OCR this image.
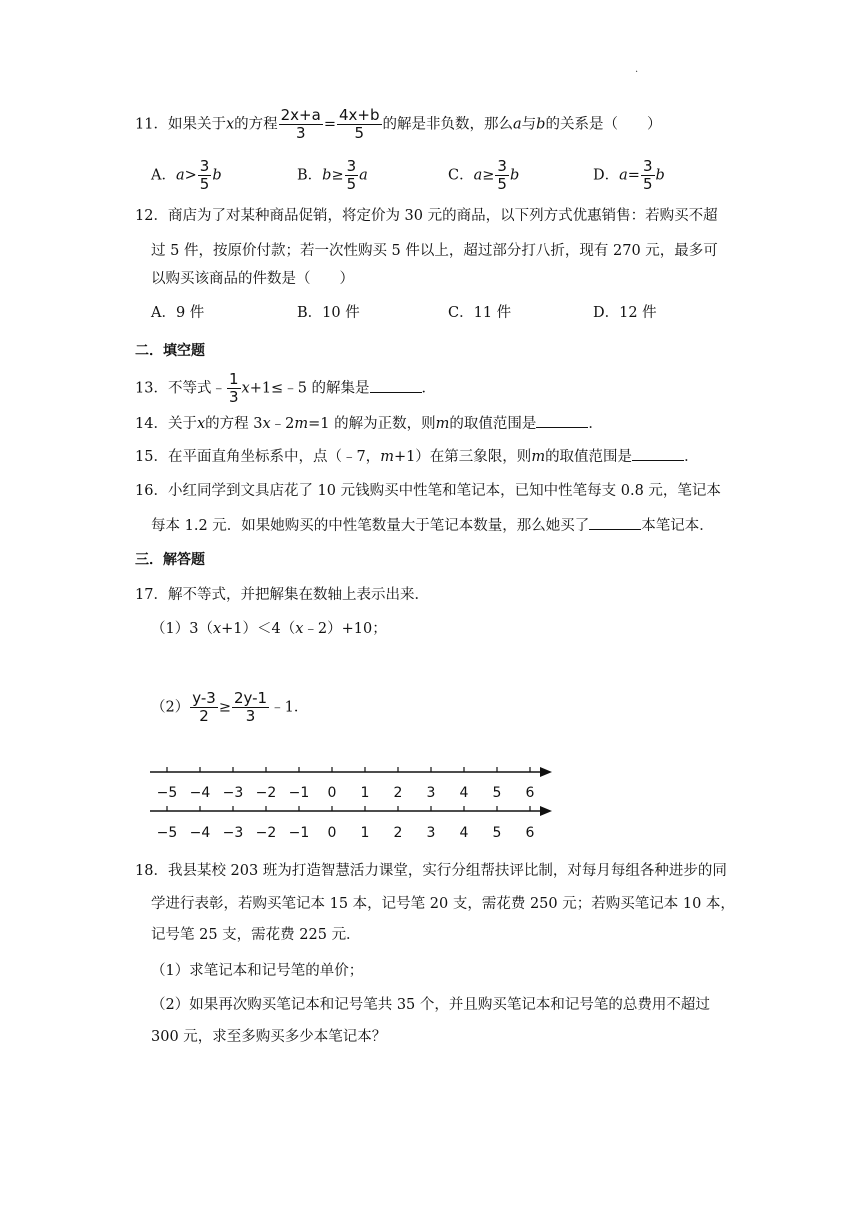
.
11．如果关于x的方程 $\frac{2x+a}{3} = \frac{4x+b}{5}$ 的解是非负数，那么a与b的关系是（　　）
A．$a> \frac{3}{5}$ b	B．$b\ge \frac{3}{5}$ a	C．$a\ge \frac{3}{5}$ b	D．$a= \frac{3}{5}$ b
12．商店为了对某种商品促销，将定价为 30 元的商品，以下列方式优惠销售：若购买不超
过 5 件，按原价付款；若一次性购买 5 件以上，超过部分打八折，现有 270 元，最多可
以购买该商品的件数是（　　）
A．9 件	B．10 件	C．11 件	D．12 件
二．填空题
13．不等式﹣ $\frac{1}{3}$ x+1≤﹣5 的解集是	．
14．关于x的方程 3x﹣2m=1 的解为正数，则m的取值范围是	．
15．在平面直角坐标系中，点（﹣7，m+1）在第三象限，则m的取值范围是	．
16．小红同学到文具店花了 10 元钱购买中性笔和笔记本，已知中性笔每支 0.8 元，笔记本
每本 1.2 元．如果她购买的中性笔数量大于笔记本数量，那么她买了	本笔记本．
三．解答题
17．解不等式，并把解集在数轴上表示出来．
（1）3（x+1）＜4（x﹣2）+10；
$(2) \frac{y-3}{2} \ge \frac{2y-1}{3}$ ﹣1．
−5 −4 −3 −2 −1 0 1 2 3 4 5 6
−5 −4 −3 −2 −1 0 1 2 3 4 5 6
18．我县某校 203 班为打造智慧活力课堂，实行分组帮扶评比制，对每月每组各种进步的同
学进行表彰，若购买笔记本 15 本，记号笔 20 支，需花费 250 元；若购买笔记本 10 本，
记号笔 25 支，需花费 225 元．
（1）求笔记本和记号笔的单价；
（2）如果再次购买笔记本和记号笔共 35 个，并且购买笔记本和记号笔的总费用不超过
300 元，求至多购买多少本笔记本？
